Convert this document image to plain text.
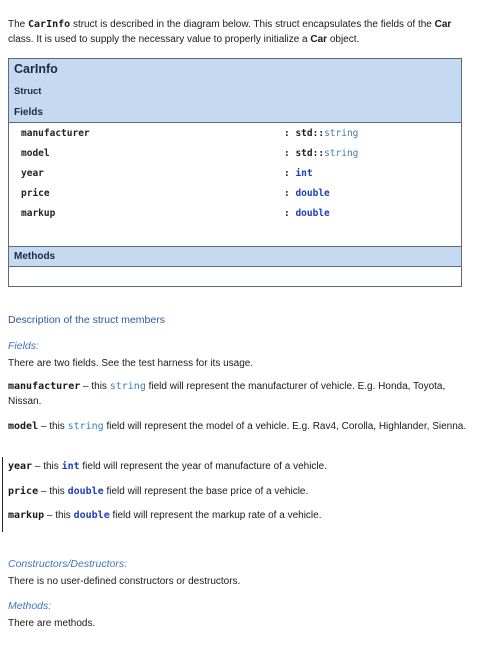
The CarInfo struct is described in the diagram below. This struct encapsulates the fields of the Car class. It is used to supply the necessary value to properly initialize a Car object.
CarInfo
Struct
Fields
manufacturer	: std::string
model	: std::string
year	: int
price	: double
markup	: double
Methods
Description of the struct members
Fields:
There are two fields. See the test harness for its usage.
manufacturer – this string field will represent the manufacturer of vehicle. E.g. Honda, Toyota, Nissan.
model – this string field will represent the model of a vehicle. E.g. Rav4, Corolla, Highlander, Sienna.
year – this int field will represent the year of manufacture of a vehicle.
price – this double field will represent the base price of a vehicle.
markup – this double field will represent the markup rate of a vehicle.
Constructors/Destructors:
There is no user-defined constructors or destructors.
Methods:
There are methods.
